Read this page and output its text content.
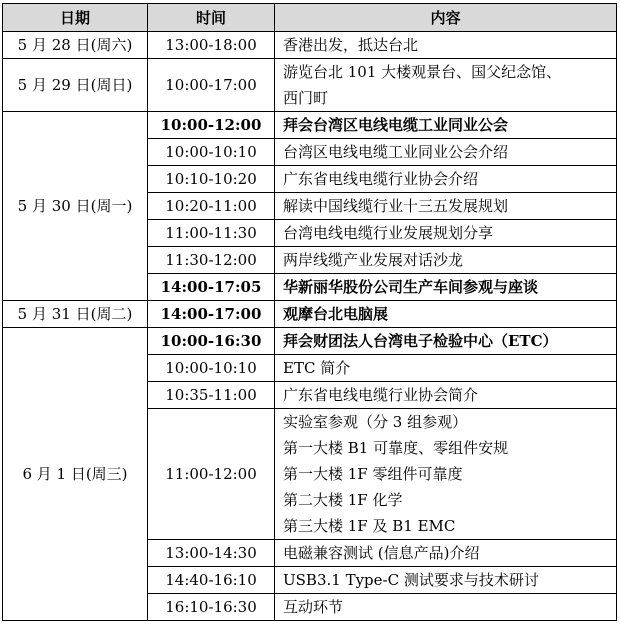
日期	时间	内容
5 月 28 日(周六)	13:00-18:00	香港出发，抵达台北
5 月 29 日(周日)	10:00-17:00	游览台北 101 大楼观景台、国父纪念馆、
西门町

5 月 30 日(周一)	10:00-12:00	拜会台湾区电线电缆工业同业公会
	10:00-10:10	台湾区电线电缆工业同业公会介绍
	10:10-10:20	广东省电线电缆行业协会介绍
	10:20-11:00	解读中国线缆行业十三五发展规划
	11:00-11:30	台湾电线电缆行业发展规划分享
	11:30-12:00	两岸线缆产业发展对话沙龙
	14:00-17:05	华新丽华股份公司生产车间参观与座谈
5 月 31 日(周二)	14:00-17:00	观摩台北电脑展
6 月 1 日(周三)	10:00-16:30	拜会财团法人台湾电子检验中心（ETC）
	10:00-10:10	ETC 简介
	10:35-11:00	广东省电线电缆行业协会简介
	11:00-12:00	实验室参观（分 3 组参观）
第一大楼 B1 可靠度、零组件安规
第一大楼 1F 零组件可靠度
第二大楼 1F 化学
第三大楼 1F 及 B1 EMC

	13:00-14:30	电磁兼容测试 (信息产品)介绍
	14:40-16:10	USB3.1 Type-C 测试要求与技术研讨
	16:10-16:30	互动环节
